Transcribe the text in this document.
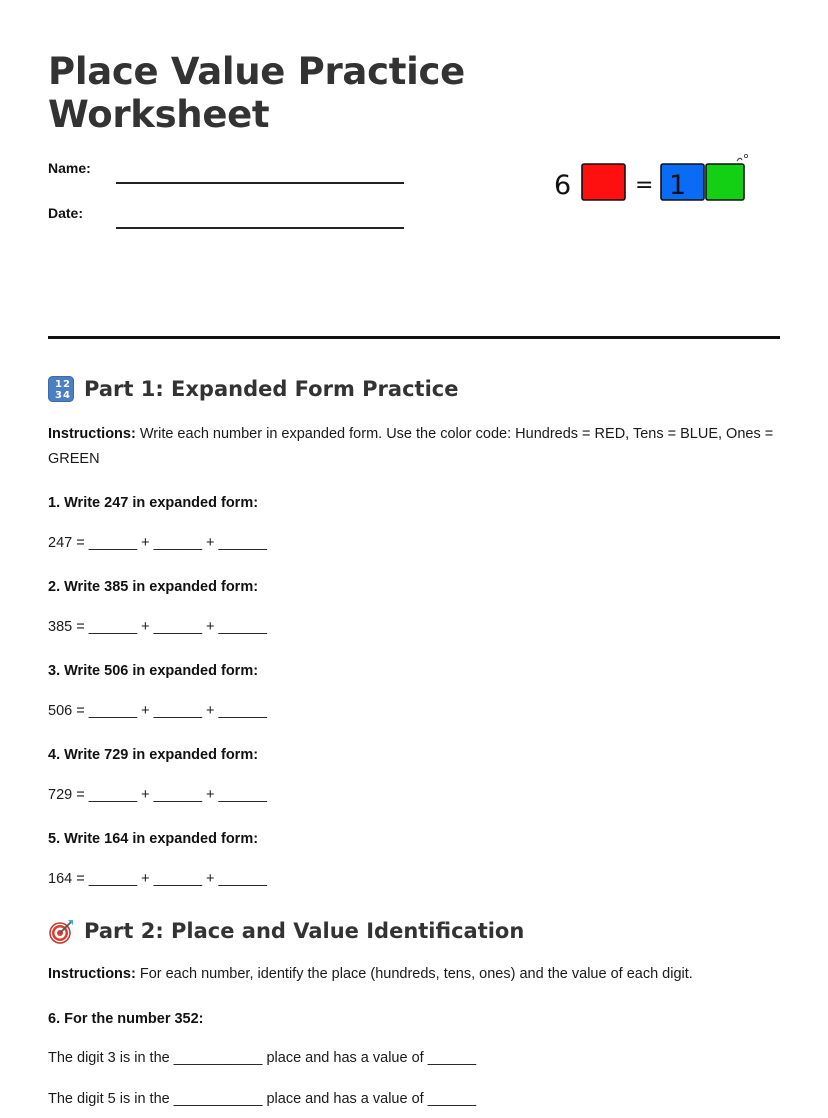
Place Value Practice
Worksheet
Name:
Date:
6	= 1
1 2
3 4 Part 1: Expanded Form Practice
Instructions: Write each number in expanded form. Use the color code: Hundreds = RED, Tens = BLUE, Ones = GREEN
1. Write 247 in expanded form:
247 = ______ + ______ + ______
2. Write 385 in expanded form:
385 = ______ + ______ + ______
3. Write 506 in expanded form:
506 = ______ + ______ + ______
4. Write 729 in expanded form:
729 = ______ + ______ + ______
5. Write 164 in expanded form:
164 = ______ + ______ + ______
Part 2: Place and Value Identification
Instructions: For each number, identify the place (hundreds, tens, ones) and the value of each digit.
6. For the number 352:
The digit 3 is in the ___________ place and has a value of ______
The digit 5 is in the ___________ place and has a value of ______
